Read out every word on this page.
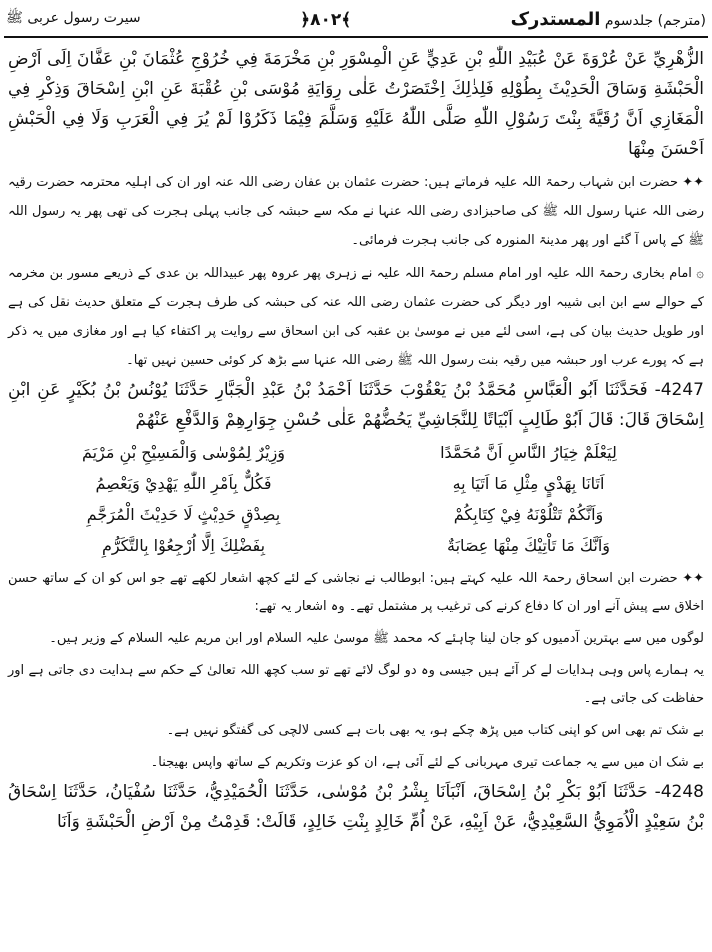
سیرت رسول عربی ﷺ	﴿۸۰۲﴾	(مترجم) جلدسوم المستدرک

الزُّهْرِيِّ عَنْ عُرْوَةَ عَنْ عُبَيْدِ اللّٰهِ بْنِ عَدِيٍّ عَنِ الْمِسْوَرِ بْنِ مَخْرَمَةَ فِي خُرُوْجِ عُثْمَانَ بْنِ عَفَّانَ اِلَى اَرْضِ الْحَبْشَةِ وَسَاقَ الْحَدِيْثَ بِطُوْلِهِ فَلِذٰلِكَ اِخْتَصَرْتُ عَلٰى رِوَايَةِ مُوْسَى بْنِ عُقْبَةَ عَنِ ابْنِ اِسْحَاقَ وَذِكْرِ فِي الْمَغَازِي اَنَّ رُقَيَّةَ بِنْتَ رَسُوْلِ اللّٰهِ صَلَّى اللّٰهُ عَلَيْهِ وَسَلَّمَ فِيْمَا ذَكَرُوْا لَمْ يُرَ فِي الْعَرَبِ وَلَا فِي الْحَبْشِ اَحْسَنَ مِنْهَا

✦✦ حضرت ابن شہاب رحمۃ اللہ علیہ فرماتے ہیں: حضرت عثمان بن عفان رضی اللہ عنہ اور ان کی اہلیہ محترمہ حضرت رقیہ رضی اللہ عنہا رسول اللہ ﷺ کی صاحبزادی رضی اللہ عنہا نے مکہ سے حبشہ کی جانب پہلی ہجرت کی تھی پھر یہ رسول اللہ ﷺ کے پاس آ گئے اور پھر مدینۃ المنورہ کی جانب ہجرت فرمائی۔

۞ امام بخاری رحمۃ اللہ علیہ اور امام مسلم رحمۃ اللہ علیہ نے زہری پھر عروہ پھر عبیداللہ بن عدی کے ذریعے مسور بن مخرمہ کے حوالے سے ابن ابی شیبہ اور دیگر کی حضرت عثمان رضی اللہ عنہ کی حبشہ کی طرف ہجرت کے متعلق حدیث نقل کی ہے اور طویل حدیث بیان کی ہے، اسی لئے میں نے موسیٰ بن عقبہ کی ابن اسحاق سے روایت پر اکتفاء کیا ہے اور مغازی میں یہ ذکر ہے کہ پورے عرب اور حبشہ میں رقیہ بنت رسول اللہ ﷺ رضی اللہ عنہا سے بڑھ کر کوئی حسین نہیں تھا۔

4247- فَحَدَّثَنَا اَبُو الْعَبَّاسِ مُحَمَّدُ بْنُ يَعْقُوْبَ حَدَّثَنَا اَحْمَدُ بْنُ عَبْدِ الْجَبَّارِ حَدَّثَنَا يُوْنُسُ بْنُ بُكَيْرٍ عَنِ ابْنِ اِسْحَاقَ قَالَ: قَالَ اَبُوْ طَالِبٍ اَبْيَاتًا لِلنَّجَاشِيِّ يَحُضُّهُمْ عَلٰى حُسْنِ جِوَارِهِمْ وَالدَّفْعِ عَنْهُمْ

لِيَعْلَمْ خِيَارُ النَّاسِ اَنَّ مُحَمَّدًا
وَزِيْرٌ لِمُوْسٰى وَالْمَسِيْحِ بْنِ مَرْيَمَ
اَتَانَا بِهَدْيٍ مِثْلِ مَا اَتَيَا بِهِ
فَكُلٌّ بِاَمْرِ اللّٰهِ يَهْدِيْ وَيَعْصِمُ
وَاَنَّكُمْ تَتْلُوْنَهُ فِيْ كِتَابِكُمْ
بِصِدْقٍ حَدِيْثٍ لَا حَدِيْثَ الْمُرَجَّمِ
وَاَنَّكَ مَا تَاْتِيْكَ مِنْهَا عِصَابَةٌ
بِفَضْلِكَ اِلَّا اُرْجِعُوْا بِالتَّكَرُّمِ

✦✦ حضرت ابن اسحاق رحمۃ اللہ علیہ کہتے ہیں: ابوطالب نے نجاشی کے لئے کچھ اشعار لکھے تھے جو اس کو ان کے ساتھ حسن اخلاق سے پیش آنے اور ان کا دفاع کرنے کی ترغیب پر مشتمل تھے۔ وہ اشعار یہ تھے:

لوگوں میں سے بہترین آدمیوں کو جان لینا چاہئے کہ محمد ﷺ موسیٰ علیہ السلام اور ابن مریم علیہ السلام کے وزیر ہیں۔

یہ ہمارے پاس وہی ہدایات لے کر آئے ہیں جیسی وہ دو لوگ لائے تھے تو سب کچھ اللہ تعالیٰ کے حکم سے ہدایت دی جاتی ہے اور حفاظت کی جاتی ہے۔

بے شک تم بھی اس کو اپنی کتاب میں پڑھ چکے ہو، یہ بھی بات ہے کسی لالچی کی گفتگو نہیں ہے۔

بے شک ان میں سے یہ جماعت تیری مہربانی کے لئے آئی ہے، ان کو عزت وتکریم کے ساتھ واپس بھیجنا۔

4248- حَدَّثَنَا اَبُوْ بَكْرِ بْنُ اِسْحَاقَ، اَنْبَاَنَا بِشْرُ بْنُ مُوْسٰى، حَدَّثَنَا الْحُمَيْدِيُّ، حَدَّثَنَا سُفْيَانُ، حَدَّثَنَا اِسْحَاقُ بْنُ سَعِيْدٍ الْاُمَوِيُّ السَّعِيْدِيُّ، عَنْ اَبِيْهِ، عَنْ اُمِّ خَالِدٍ بِنْتِ خَالِدٍ، قَالَتْ: قَدِمْتُ مِنْ اَرْضِ الْحَبْشَةِ وَاَنَا
